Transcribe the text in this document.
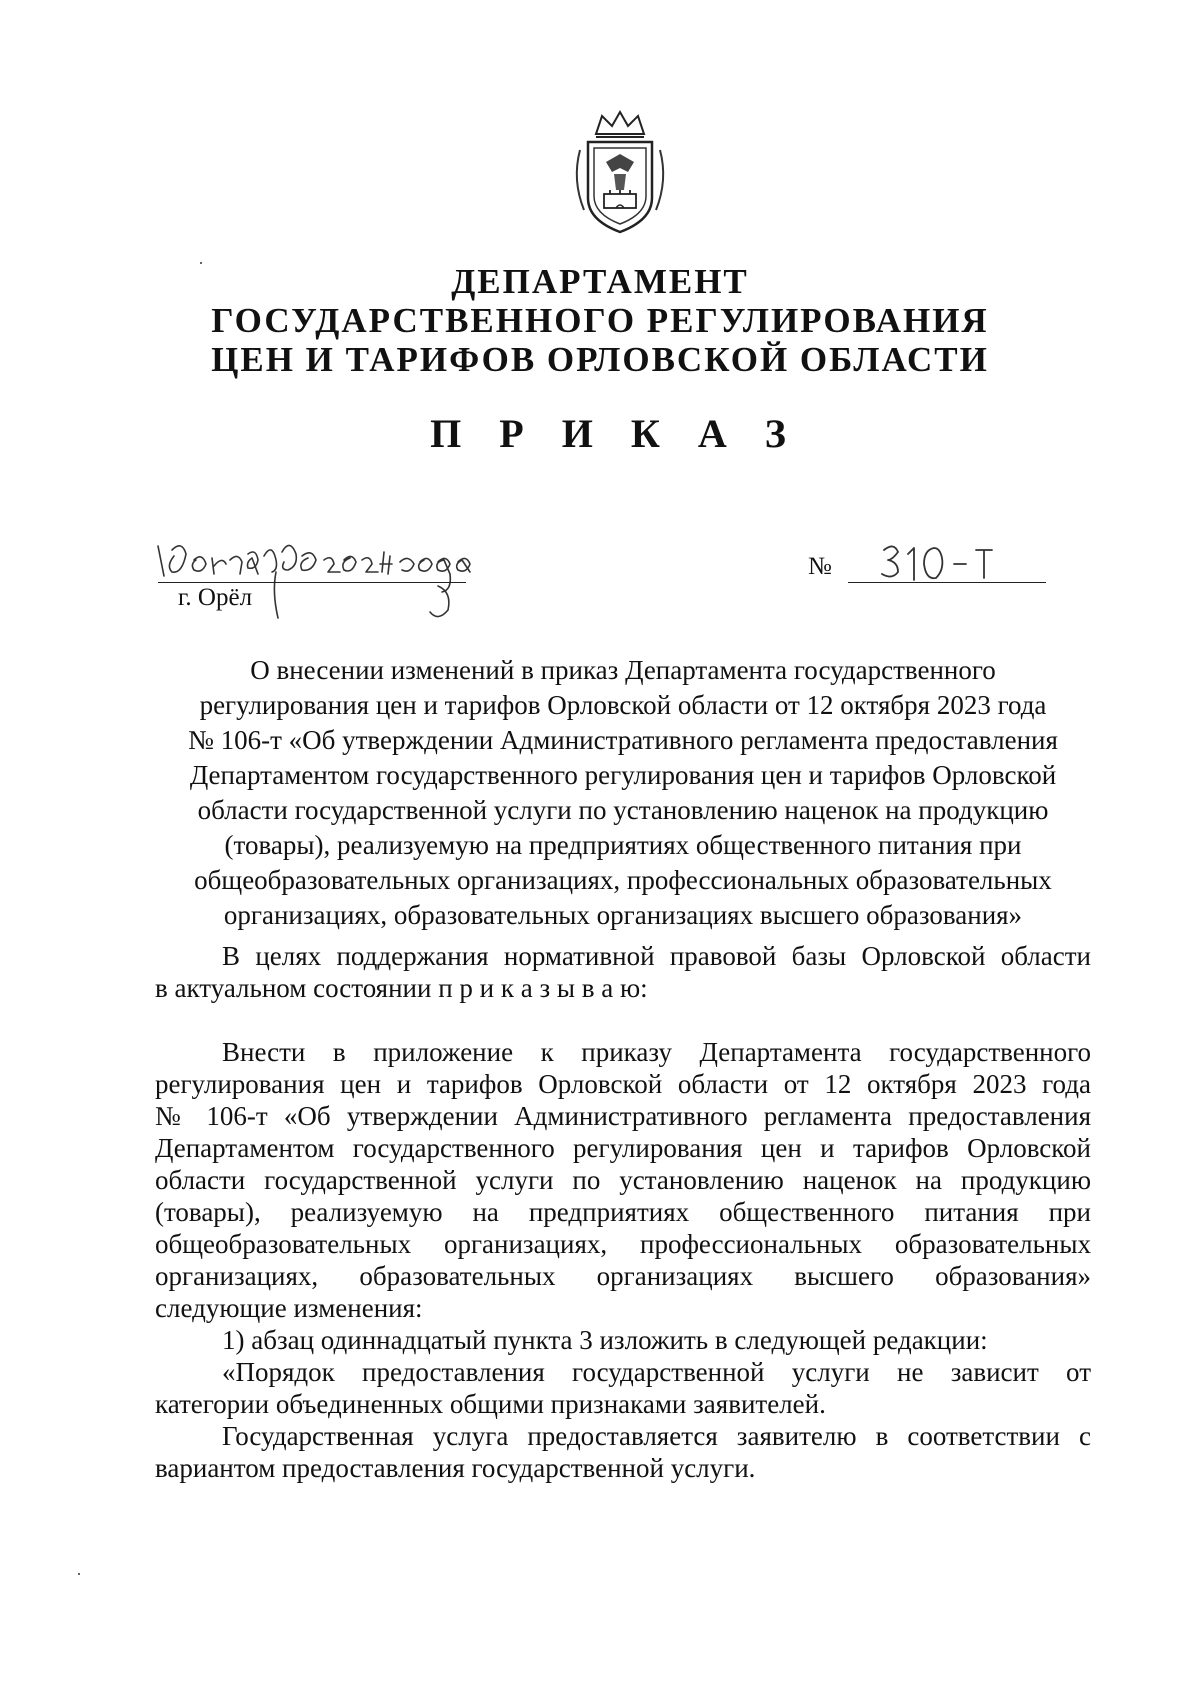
ДЕПАРТАМЕНТ
ГОСУДАРСТВЕННОГО РЕГУЛИРОВАНИЯ
ЦЕН И ТАРИФОВ ОРЛОВСКОЙ ОБЛАСТИ
П Р И К А З
г. Орёл
№
О внесении изменений в приказ Департамента государственного
регулирования цен и тарифов Орловской области от 12 октября 2023 года
№ 106-т «Об утверждении Административного регламента предоставления
Департаментом государственного регулирования цен и тарифов Орловской
области государственной услуги по установлению наценок на продукцию
(товары), реализуемую на предприятиях общественного питания при
общеобразовательных организациях, профессиональных образовательных
организациях, образовательных организациях высшего образования»
В целях поддержания нормативной правовой базы Орловской области
в актуальном состоянии п р и к а з ы в а ю:
Внести в приложение к приказу Департамента государственного
регулирования цен и тарифов Орловской области от 12 октября 2023 года
№ 106-т «Об утверждении Административного регламента предоставления
Департаментом государственного регулирования цен и тарифов Орловской
области государственной услуги по установлению наценок на продукцию
(товары), реализуемую на предприятиях общественного питания при
общеобразовательных организациях, профессиональных образовательных
организациях, образовательных организациях высшего образования»
следующие изменения:
1) абзац одиннадцатый пункта 3 изложить в следующей редакции:
«Порядок предоставления государственной услуги не зависит от
категории объединенных общими признаками заявителей.
Государственная услуга предоставляется заявителю в соответствии с
вариантом предоставления государственной услуги.
